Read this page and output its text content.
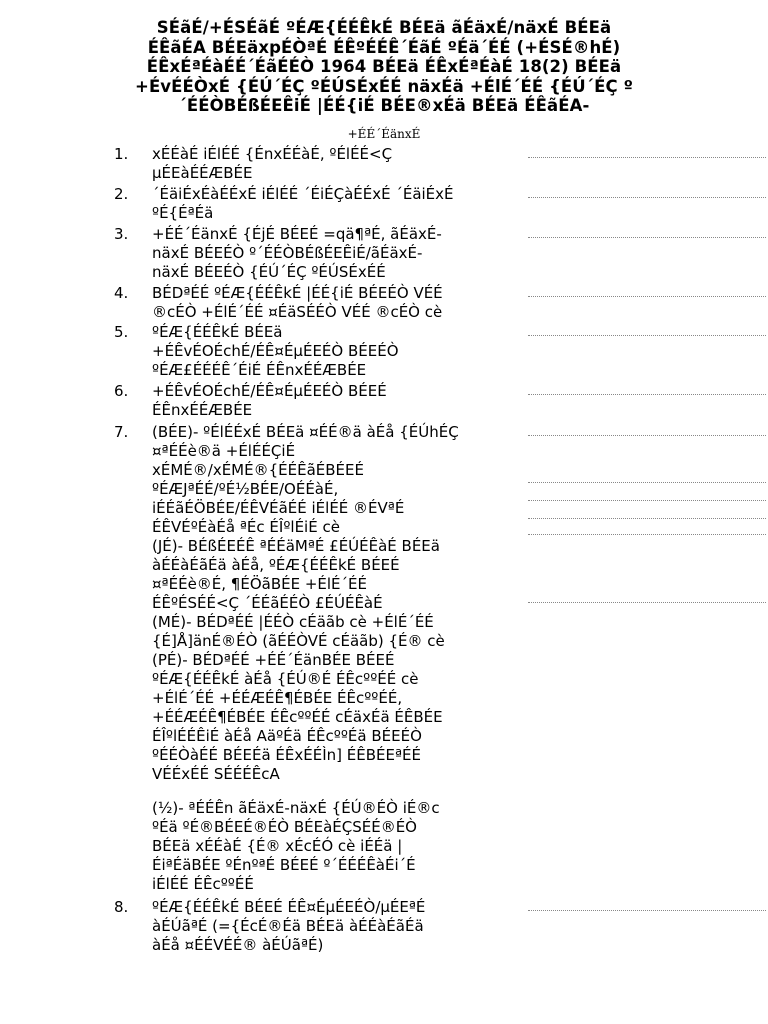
SÉãÉ/+ÉSÉãÉ ºÉÆ{ÉÉÊkÉ BÉEä ãÉäxÉ/näxÉ BÉEä
ÉÊãÉA BÉEäxpÉÒªÉ ÉÊºÉÉÊ´ÉãÉ ºÉä´ÉÉ (+ÉSÉ®hÉ)
ÉÊxÉªÉàÉÉ´ÉãÉÉÒ 1964 BÉEä ÉÊxÉªÉàÉ 18(2) BÉEä
+ÉvÉÉÒxÉ {ÉÚ´ÉÇ ºÉÚSÉxÉÉ näxÉä +ÉlÉ´ÉÉ {ÉÚ´ÉÇ º
´ÉÉÒBÉßÉEÊiÉ |ÉÉ{iÉ BÉE®xÉä BÉEä ÉÊãÉA-
+ÉÉ´ÉänxÉ
1.	xÉÉàÉ iÉlÉÉ {ÉnxÉÉàÉ, ºÉlÉÉ<Ç
µÉEàÉÉÆBÉE
2.	´ÉäiÉxÉàÉÉxÉ iÉlÉÉ ´ÉiÉÇàÉÉxÉ ´ÉäiÉxÉ
ºÉ{ÉªÉä
3.	+ÉÉ´ÉänxÉ {ÉjÉ BÉEÉ =qä¶ªÉ, ãÉäxÉ-
näxÉ BÉEÉÒ º´ÉÉÒBÉßÉEÊiÉ/ãÉäxÉ-
näxÉ BÉEÉÒ {ÉÚ´ÉÇ ºÉÚSÉxÉÉ
4.	BÉDªÉÉ ºÉÆ{ÉÉÊkÉ |ÉÉ{iÉ BÉEÉÒ VÉÉ
®cÉÒ +ÉlÉ´ÉÉ ¤ÉäSÉÉÒ VÉÉ ®cÉÒ cè
5.	ºÉÆ{ÉÉÊkÉ BÉEä
+ÉÊvÉOÉchÉ/ÉÊ¤ÉµÉEÉÒ BÉEÉÒ
ºÉÆ£ÉÉÉÊ´ÉiÉ ÉÊnxÉÉÆBÉE
6.	+ÉÊvÉOÉchÉ/ÉÊ¤ÉµÉEÉÒ BÉEÉ
ÉÊnxÉÉÆBÉE
7.	(BÉE)- ºÉlÉÉxÉ BÉEä ¤ÉÉ®ä àÉå {ÉÚhÉÇ
¤ªÉÉè®ä +ÉlÉÉÇiÉ
xÉMÉ®/xÉMÉ®{ÉÉÊãÉBÉEÉ
ºÉÆJªÉÉ/ºÉ½BÉE/OÉÉàÉ,
iÉÉãÉÖBÉE/ÉÊVÉãÉÉ iÉlÉÉ ®ÉVªÉ
ÉÊVÉºÉàÉå ªÉc ÉÎºlÉiÉ cè
(JÉ)- BÉßÉEÉÊ ªÉÉäMªÉ £ÉÚÉÊàÉ BÉEä
àÉÉàÉãÉä àÉå, ºÉÆ{ÉÉÊkÉ BÉEÉ
¤ªÉÉè®É, ¶ÉÖãBÉE +ÉlÉ´ÉÉ
ÉÊºÉSÉÉ<Ç ´ÉÉãÉÉÒ £ÉÚÉÊàÉ
(MÉ)- BÉDªÉÉ |ÉÉÒ cÉäãb cè +ÉlÉ´ÉÉ
{É]Å]änÉ®ÉÒ (ãÉÉÒVÉ cÉäãb) {É® cè
(PÉ)- BÉDªÉÉ +ÉÉ´ÉänBÉE BÉEÉ
ºÉÆ{ÉÉÊkÉ àÉå {ÉÚ®É ÉÊcººÉÉ cè
+ÉlÉ´ÉÉ +ÉÉÆÉÊ¶ÉBÉE ÉÊcººÉÉ,
+ÉÉÆÉÊ¶ÉBÉE ÉÊcººÉÉ cÉäxÉä ÉÊBÉE
ÉÎºlÉÉÊiÉ àÉå AäºÉä ÉÊcººÉä BÉEÉÒ
ºÉÉÒàÉÉ BÉEÉä ÉÊxÉÉÌn] ÉÊBÉEªÉÉ
VÉÉxÉÉ SÉÉÉÊcA
(½)- ªÉÉÊn ãÉäxÉ-näxÉ {ÉÚ®ÉÒ iÉ®c
ºÉä ºÉ®BÉEÉ®ÉÒ BÉEàÉÇSÉÉ®ÉÒ
BÉEä xÉÉàÉ {É® xÉcÉÓ cè iÉÉä |
ÉiªÉäBÉE ºÉnºªÉ BÉEÉ º´ÉÉÉÊàÉi´É
iÉlÉÉ ÉÊcººÉÉ
8.	ºÉÆ{ÉÉÊkÉ BÉEÉ ÉÊ¤ÉµÉEÉÒ/µÉEªÉ
àÉÚãªÉ (={ÉcÉ®Éä BÉEä àÉÉàÉãÉä
àÉå ¤ÉÉVÉÉ® àÉÚãªÉ)
